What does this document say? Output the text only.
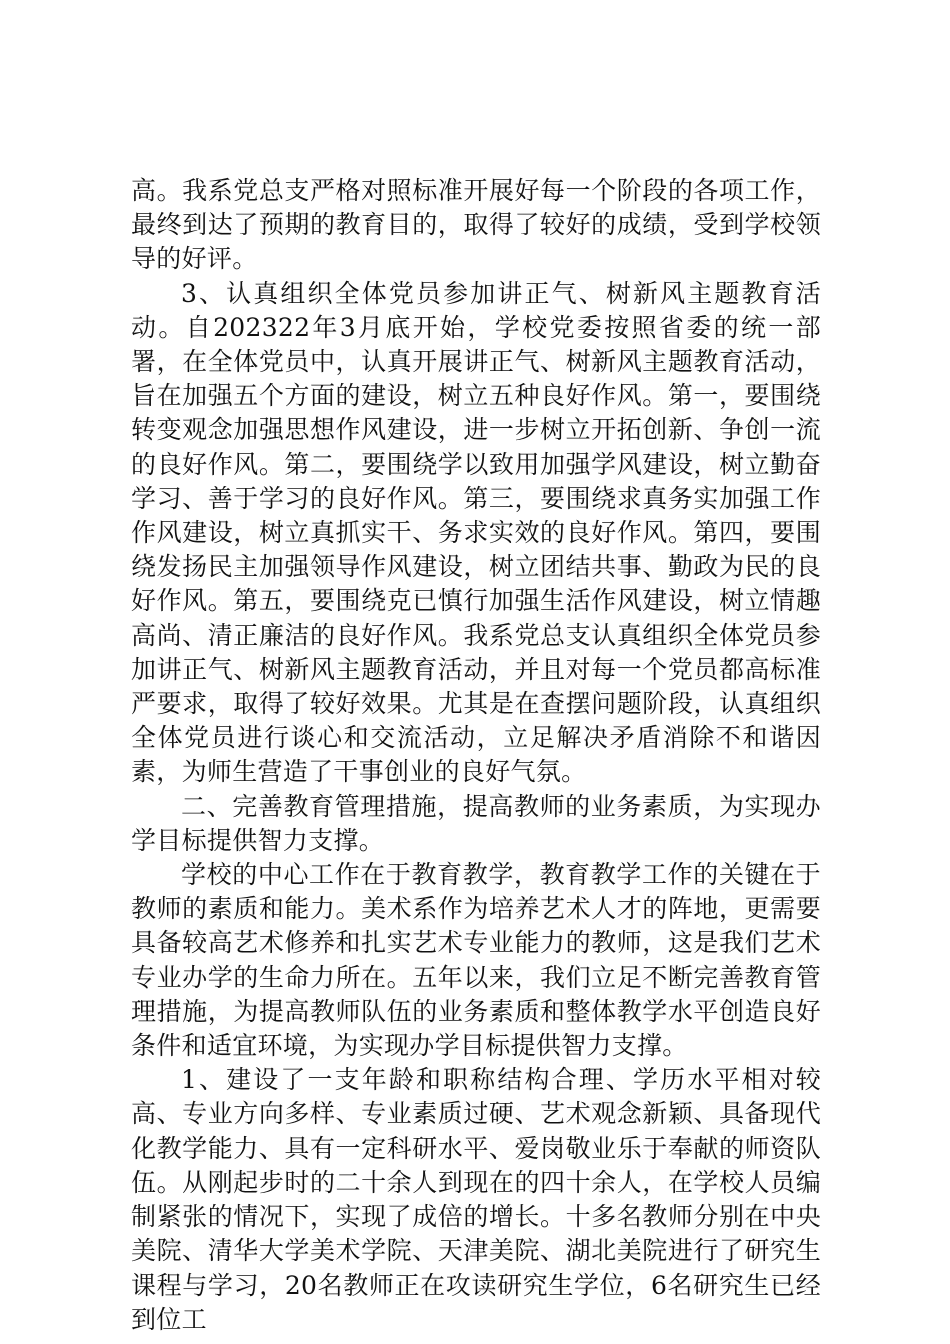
高。我系党总支严格对照标准开展好每一个阶段的各项工作，最终到达了预期的教育目的，取得了较好的成绩，受到学校领导的好评。

3、认真组织全体党员参加讲正气、树新风主题教育活动。自202322年3月底开始，学校党委按照省委的统一部署，在全体党员中，认真开展讲正气、树新风主题教育活动，旨在加强五个方面的建设，树立五种良好作风。第一，要围绕转变观念加强思想作风建设，进一步树立开拓创新、争创一流的良好作风。第二，要围绕学以致用加强学风建设，树立勤奋学习、善于学习的良好作风。第三，要围绕求真务实加强工作作风建设，树立真抓实干、务求实效的良好作风。第四，要围绕发扬民主加强领导作风建设，树立团结共事、勤政为民的良好作风。第五，要围绕克已慎行加强生活作风建设，树立情趣高尚、清正廉洁的良好作风。我系党总支认真组织全体党员参加讲正气、树新风主题教育活动，并且对每一个党员都高标准严要求，取得了较好效果。尤其是在查摆问题阶段，认真组织全体党员进行谈心和交流活动，立足解决矛盾消除不和谐因素，为师生营造了干事创业的良好气氛。

二、完善教育管理措施，提高教师的业务素质，为实现办学目标提供智力支撑。

学校的中心工作在于教育教学，教育教学工作的关键在于教师的素质和能力。美术系作为培养艺术人才的阵地，更需要具备较高艺术修养和扎实艺术专业能力的教师，这是我们艺术专业办学的生命力所在。五年以来，我们立足不断完善教育管理措施，为提高教师队伍的业务素质和整体教学水平创造良好条件和适宜环境，为实现办学目标提供智力支撑。

1、建设了一支年龄和职称结构合理、学历水平相对较高、专业方向多样、专业素质过硬、艺术观念新颖、具备现代化教学能力、具有一定科研水平、爱岗敬业乐于奉献的师资队伍。从刚起步时的二十余人到现在的四十余人，在学校人员编制紧张的情况下，实现了成倍的增长。十多名教师分别在中央美院、清华大学美术学院、天津美院、湖北美院进行了研究生课程与学习，20名教师正在攻读研究生学位，6名研究生已经到位工
